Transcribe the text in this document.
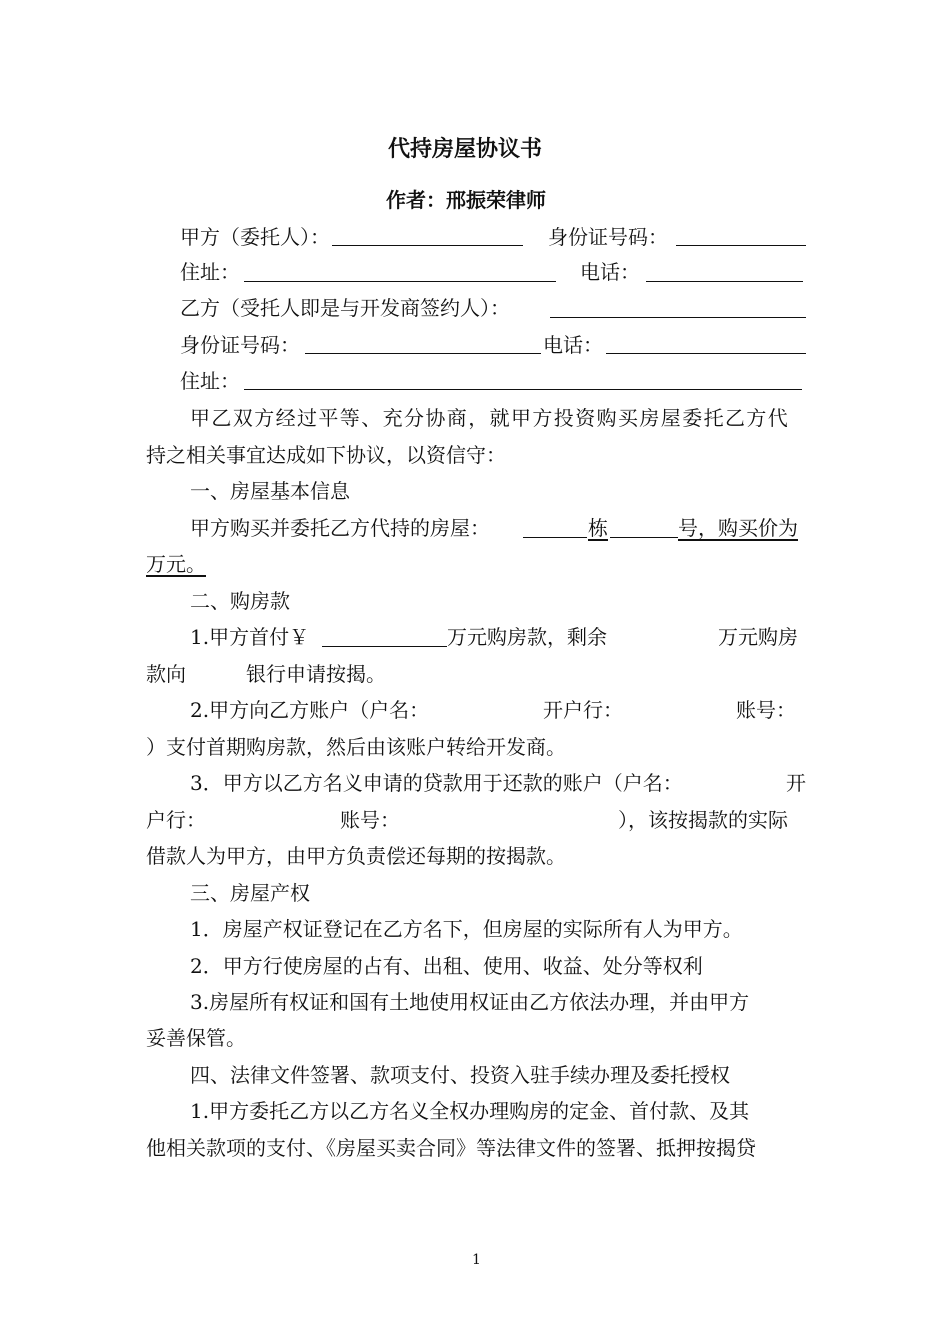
代持房屋协议书
作者：邢振荣律师
甲方（委托人）：	身份证号码：
住址：	电话：
乙方（受托人即是与开发商签约人）：
身份证号码：	电话：
住址：
甲乙双方经过平等、充分协商，就甲方投资购买房屋委托乙方代
持之相关事宜达成如下协议，以资信守：
一、房屋基本信息
甲方购买并委托乙方代持的房屋：	栋	号，购买价为
万元。
二、购房款
1.甲方首付￥	万元购房款，剩余	万元购房
款向	银行申请按揭。
2.甲方向乙方账户（户名：	开户行：	账号：
）支付首期购房款，然后由该账户转给开发商。
3．甲方以乙方名义申请的贷款用于还款的账户（户名：	开
户行：	账号：	），该按揭款的实际
借款人为甲方，由甲方负责偿还每期的按揭款。
三、房屋产权
1．房屋产权证登记在乙方名下，但房屋的实际所有人为甲方。
2．甲方行使房屋的占有、出租、使用、收益、处分等权利
3.房屋所有权证和国有土地使用权证由乙方依法办理，并由甲方
妥善保管。
四、法律文件签署、款项支付、投资入驻手续办理及委托授权
1.甲方委托乙方以乙方名义全权办理购房的定金、首付款、及其
他相关款项的支付、《房屋买卖合同》等法律文件的签署、抵押按揭贷
1
